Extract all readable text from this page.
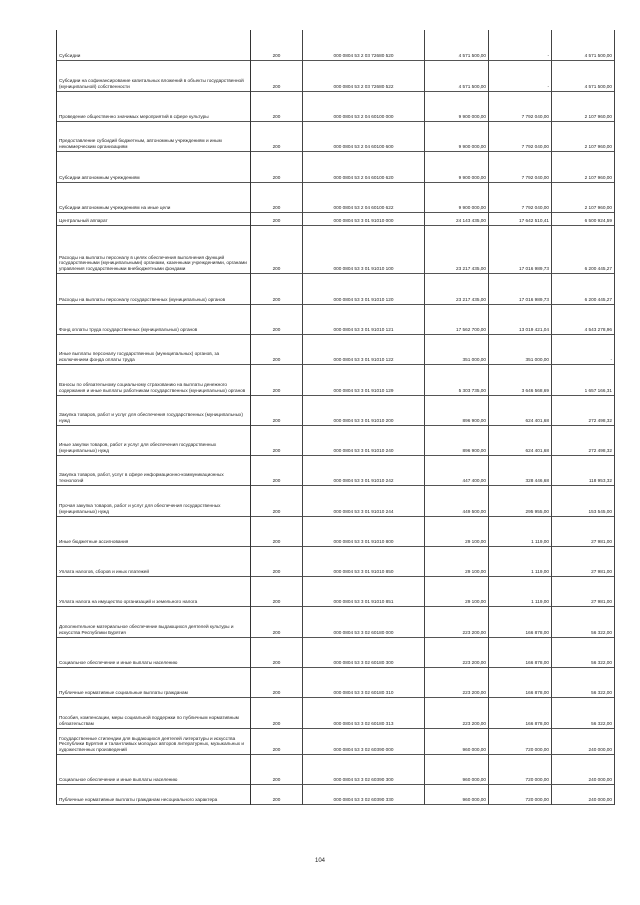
Субсидии	200	000 0804 53 2 03 72680 520	4 571 500,00	-	4 571 500,00
Субсидии на софинансирование капитальных вложений в объекты государственной (муниципальной) собственности	200	000 0804 53 2 03 72680 522	4 571 500,00	-	4 571 500,00
Проведение общественно значимых мероприятий в сфере культуры	200	000 0804 53 2 04 60100 000	9 900 000,00	7 792 040,00	2 107 960,00
Предоставление субсидий бюджетным, автономным учреждениям и иным некоммерческим организациям	200	000 0804 53 2 04 60100 600	9 900 000,00	7 792 040,00	2 107 960,00
Субсидии автономным учреждениям	200	000 0804 53 2 04 60100 620	9 900 000,00	7 792 040,00	2 107 960,00
Субсидии автономным учреждениям на иные цели	200	000 0804 53 2 04 60100 622	9 900 000,00	7 792 040,00	2 107 960,00
Центральный аппарат	200	000 0804 53 3 01 91010 000	24 143 435,00	17 642 510,41	6 500 924,59
Расходы на выплаты персоналу в целях обеспечения выполнения функций государственными (муниципальными) органами, казенными учреждениями, органами управления государственными внебюджетными фондами	200	000 0804 53 3 01 91010 100	23 217 435,00	17 016 989,73	6 200 445,27
Расходы на выплаты персоналу государственных (муниципальных) органов	200	000 0804 53 3 01 91010 120	23 217 435,00	17 016 989,73	6 200 445,27
Фонд оплаты труда государственных (муниципальных) органов	200	000 0804 53 3 01 91010 121	17 562 700,00	13 019 421,04	4 543 278,96
Иные выплаты персоналу государственных (муниципальных) органов, за исключением фонда оплаты труда	200	000 0804 53 3 01 91010 122	351 000,00	351 000,00	-
Взносы по обязательному социальному страхованию на выплаты денежного содержания и иные выплаты работникам государственных (муниципальных) органов	200	000 0804 53 3 01 91010 129	5 303 735,00	3 646 568,69	1 657 166,31
Закупка товаров, работ и услуг для обеспечения государственных (муниципальных) нужд	200	000 0804 53 3 01 91010 200	896 900,00	624 401,68	272 498,32
Иные закупки товаров, работ и услуг для обеспечения государственных (муниципальных) нужд	200	000 0804 53 3 01 91010 240	896 900,00	624 401,68	272 498,32
Закупка товаров, работ, услуг в сфере информационно-коммуникационных технологий	200	000 0804 53 3 01 91010 242	447 400,00	328 446,68	118 953,32
Прочая закупка товаров, работ и услуг для обеспечения государственных (муниципальных) нужд	200	000 0804 53 3 01 91010 244	449 500,00	295 955,00	153 545,00
Иные бюджетные ассигнования	200	000 0804 53 3 01 91010 800	29 100,00	1 119,00	27 981,00
Уплата налогов, сборов и иных платежей	200	000 0804 53 3 01 91010 850	29 100,00	1 119,00	27 981,00
Уплата налога на имущество организаций и земельного налога	200	000 0804 53 3 01 91010 851	29 100,00	1 119,00	27 981,00
Дополнительное материальное обеспечение выдающихся деятелей культуры и искусства Республики Бурятия	200	000 0804 53 3 02 60180 000	223 200,00	166 878,00	56 322,00
Социальное обеспечение и иные выплаты населению	200	000 0804 53 3 02 60180 300	223 200,00	166 878,00	56 322,00
Публичные нормативные социальные выплаты гражданам	200	000 0804 53 3 02 60180 310	223 200,00	166 878,00	56 322,00
Пособия, компенсации, меры социальной поддержки по публичным нормативным обязательствам	200	000 0804 53 3 02 60180 313	223 200,00	166 878,00	56 322,00
Государственные стипендии для выдающихся деятелей литературы и искусства Республики Бурятия и талантливых молодых авторов литературных, музыкальных и художественных произведений	200	000 0804 53 3 02 60390 000	960 000,00	720 000,00	240 000,00
Социальное обеспечение и иные выплаты населению	200	000 0804 53 3 02 60390 300	960 000,00	720 000,00	240 000,00
Публичные нормативные выплаты гражданам несоциального характера	200	000 0804 53 3 02 60390 330	960 000,00	720 000,00	240 000,00
104
